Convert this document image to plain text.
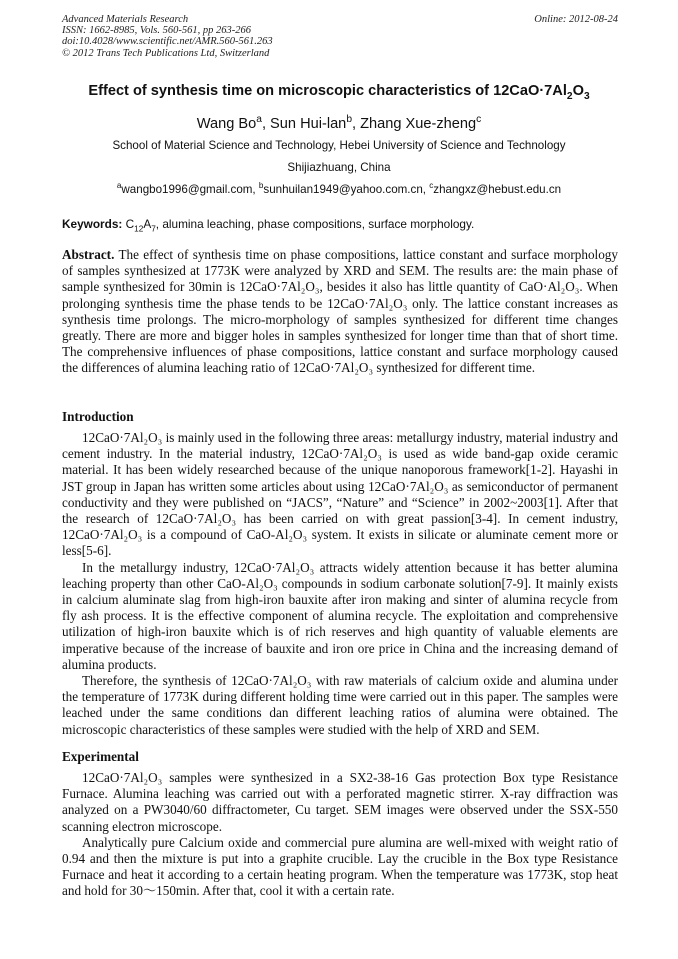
Advanced Materials Research
ISSN: 1662-8985, Vols. 560-561, pp 263-266
doi:10.4028/www.scientific.net/AMR.560-561.263
© 2012 Trans Tech Publications Ltd, Switzerland
Online: 2012-08-24
Effect of synthesis time on microscopic characteristics of $12CaO\cdot 7Al_2O_3$
Wang Bo$^a$, Sun Hui-lan$^b$, Zhang Xue-zheng$^c$
School of Material Science and Technology, Hebei University of Science and Technology
Shijiazhuang, China
$^a$wangbo1996@gmail.com, $^b$sunhuilan1949@yahoo.com.cn, $^c$zhangxz@hebust.edu.cn
Keywords: $C_{12}A_7$, alumina leaching, phase compositions, surface morphology.
Abstract. The effect of synthesis time on phase compositions, lattice constant and surface morphology of samples synthesized at 1773K were analyzed by XRD and SEM. The results are: the main phase of sample synthesized for 30min is 12CaO·7Al₂O₃, besides it also has little quantity of CaO·Al₂O₃. When prolonging synthesis time the phase tends to be 12CaO·7Al₂O₃ only. The lattice constant increases as synthesis time prolongs. The micro-morphology of samples synthesized for different time changes greatly. There are more and bigger holes in samples synthesized for longer time than that of short time. The comprehensive influences of phase compositions, lattice constant and surface morphology caused the differences of alumina leaching ratio of 12CaO·7Al₂O₃ synthesized for different time.
Introduction

12CaO·7Al₂O₃ is mainly used in the following three areas: metallurgy industry, material industry and cement industry. In the material industry, 12CaO·7Al₂O₃ is used as wide band-gap oxide ceramic material. It has been widely researched because of the unique nanoporous framework[1-2]. Hayashi in JST group in Japan has written some articles about using 12CaO·7Al₂O₃ as semiconductor of permanent conductivity and they were published on “JACS”, “Nature” and “Science” in 2002~2003[1]. After that the research of 12CaO·7Al₂O₃ has been carried on with great passion[3-4]. In cement industry, 12CaO·7Al₂O₃ is a compound of CaO-Al₂O₃ system. It exists in silicate or aluminate cement more or less[5-6].

In the metallurgy industry, 12CaO·7Al₂O₃ attracts widely attention because it has better alumina leaching property than other CaO-Al₂O₃ compounds in sodium carbonate solution[7-9]. It mainly exists in calcium aluminate slag from high-iron bauxite after iron making and sinter of alumina recycle from fly ash process. It is the effective component of alumina recycle. The exploitation and comprehensive utilization of high-iron bauxite which is of rich reserves and high quantity of valuable elements are imperative because of the increase of bauxite and iron ore price in China and the increasing demand of alumina products.

Therefore, the synthesis of 12CaO·7Al₂O₃ with raw materials of calcium oxide and alumina under the temperature of 1773K during different holding time were carried out in this paper. The samples were leached under the same conditions dan different leaching ratios of alumina were obtained. The microscopic characteristics of these samples were studied with the help of XRD and SEM.

Experimental

12CaO·7Al₂O₃ samples were synthesized in a SX2-38-16 Gas protection Box type Resistance Furnace. Alumina leaching was carried out with a perforated magnetic stirrer. X-ray diffraction was analyzed on a PW3040/60 diffractometer, Cu target. SEM images were observed under the SSX-550 scanning electron microscope.

Analytically pure Calcium oxide and commercial pure alumina are well-mixed with weight ratio of 0.94 and then the mixture is put into a graphite crucible. Lay the crucible in the Box type Resistance Furnace and heat it according to a certain heating program. When the temperature was 1773K, stop heat and hold for 30～150min. After that, cool it with a certain rate.
